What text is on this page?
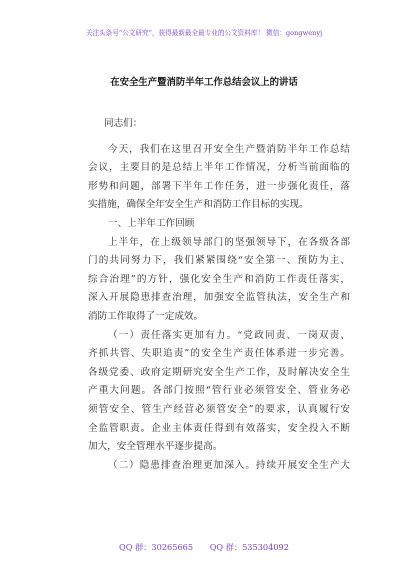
关注头条号“公文研究”，获得最新最全最专业的公文资料库！ 微信：gongwenyj
在安全生产暨消防半年工作总结会议上的讲话

同志们：

今天，我们在这里召开安全生产暨消防半年工作总结
会议，主要目的是总结上半年工作情况，分析当前面临的
形势和问题，部署下半年工作任务，进一步强化责任，落
实措施，确保全年安全生产和消防工作目标的实现。
一、上半年工作回顾
上半年，在上级领导部门的坚强领导下，在各级各部
门的共同努力下，我们紧紧围绕“安全第一、预防为主、
综合治理”的方针，强化安全生产和消防工作责任落实，
深入开展隐患排查治理，加强安全监管执法，安全生产和
消防工作取得了一定成效。
（一）责任落实更加有力。“党政同责、一岗双责、
齐抓共管、失职追责”的安全生产责任体系进一步完善。
各级党委、政府定期研究安全生产工作，及时解决安全生
产重大问题。各部门按照“管行业必须管安全、管业务必
须管安全、管生产经营必须管安全”的要求，认真履行安
全监管职责。企业主体责任得到有效落实，安全投入不断
加大，安全管理水平逐步提高。
（二）隐患排查治理更加深入。持续开展安全生产大
QQ 群：30265665 QQ 群：535304092
